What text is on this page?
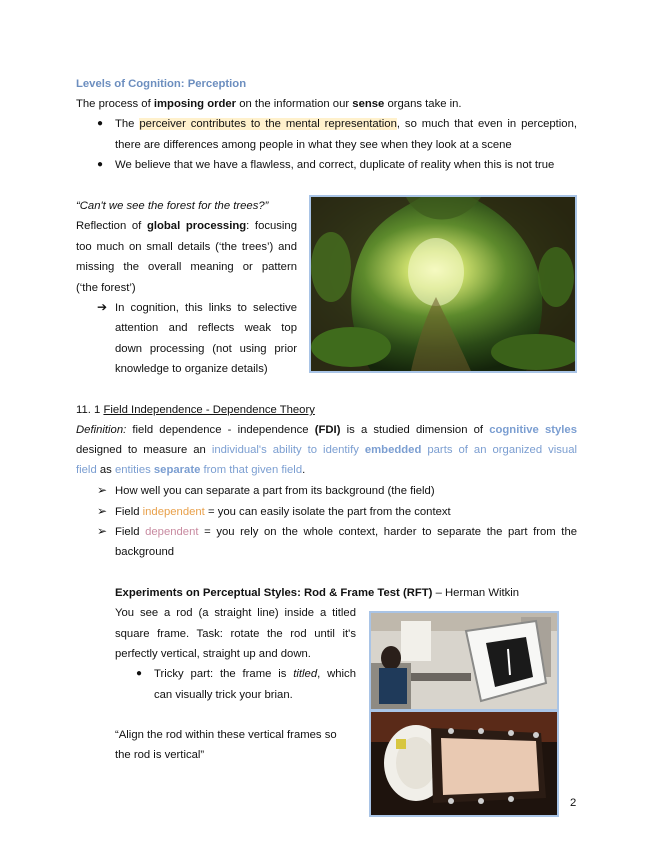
Levels of Cognition: Perception
The process of imposing order on the information our sense organs take in.
● The perceiver contributes to the mental representation, so much that even in perception,
there are differences among people in what they see when they look at a scene
● We believe that we have a flawless, and correct, duplicate of reality when this is not true
“Can't we see the forest for the trees?”
Reflection of global processing: focusing
too much on small details (‘the trees’) and
missing the overall meaning or pattern
(‘the forest’)
➔ In cognition, this links to selective
attention and reflects weak top
down processing (not using prior
knowledge to organize details)
11. 1 Field Independence - Dependence Theory
Definition: field dependence - independence (FDI) is a studied dimension of cognitive styles
designed to measure an individual's ability to identify embedded parts of an organized visual
field as entities separate from that given field.
➢ How well you can separate a part from its background (the field)
➢ Field independent = you can easily isolate the part from the context
➢ Field dependent = you rely on the whole context, harder to separate the part from the
background
Experiments on Perceptual Styles: Rod & Frame Test (RFT) – Herman Witkin
You see a rod (a straight line) inside a titled
square frame. Task: rotate the rod until it's
perfectly vertical, straight up and down.
● Tricky part: the frame is titled, which
can visually trick your brian.
“Align the rod within these vertical frames so
the rod is vertical”
2
